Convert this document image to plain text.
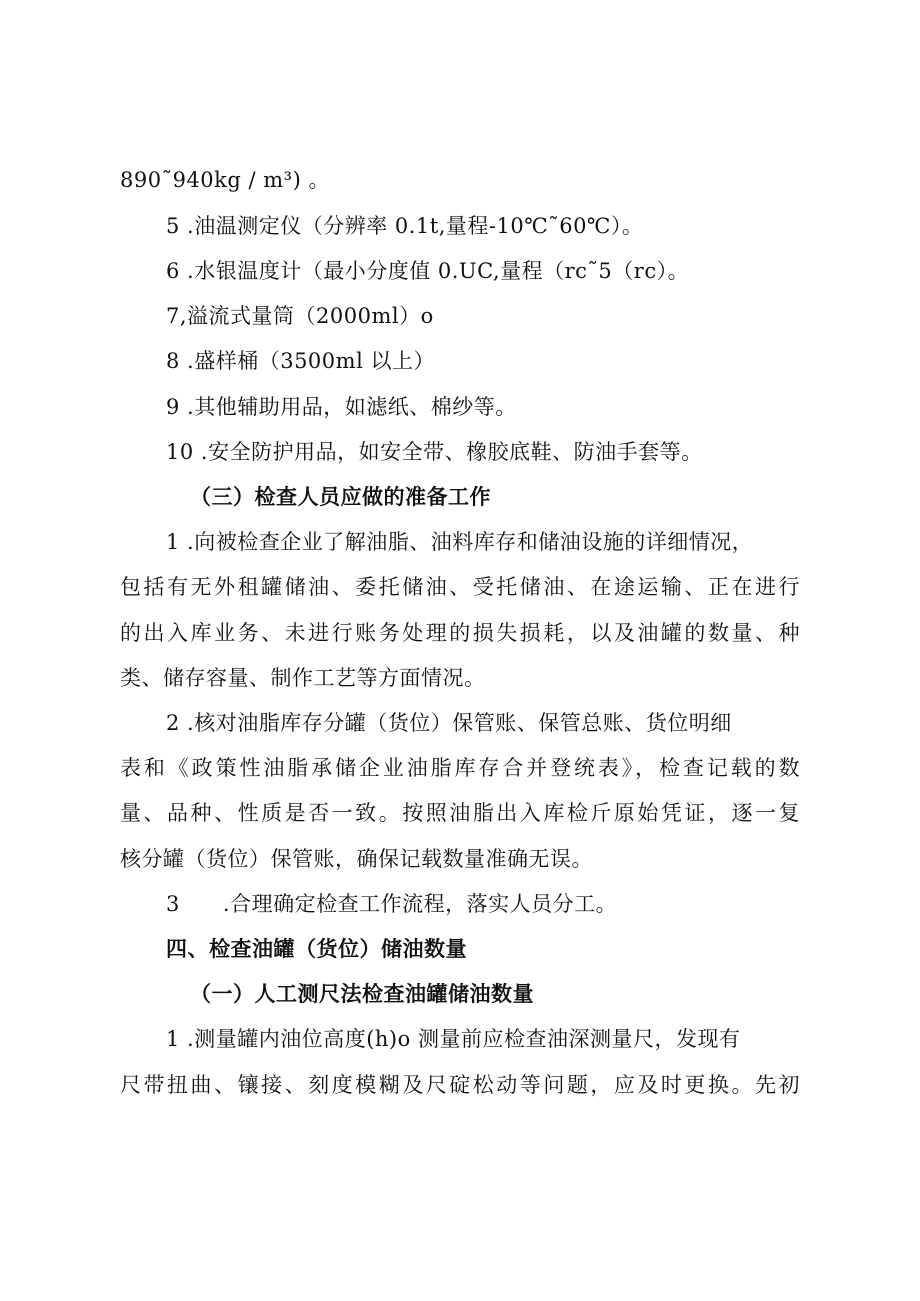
890˜940kg / m³) 。
5 .油温测定仪（分辨率 0.1t,量程-10℃˜60℃）。
6 .水银温度计（最小分度值 0.UC,量程（rc˜5（rc）。
7,溢流式量筒（2000ml）o
8 .盛样桶（3500ml 以上）
9 .其他辅助用品，如滤纸、棉纱等。
10 .安全防护用品，如安全带、橡胶底鞋、防油手套等。
（三）检查人员应做的准备工作
1 .向被检查企业了解油脂、油料库存和储油设施的详细情况，
包括有无外租罐储油、委托储油、受托储油、在途运输、正在进行
的出入库业务、未进行账务处理的损失损耗，以及油罐的数量、种
类、储存容量、制作工艺等方面情况。
2 .核对油脂库存分罐（货位）保管账、保管总账、货位明细
表和《政策性油脂承储企业油脂库存合并登统表》，检查记载的数
量、品种、性质是否一致。按照油脂出入库检斤原始凭证，逐一复
核分罐（货位）保管账，确保记载数量准确无误。
3      .合理确定检查工作流程，落实人员分工。
四、检查油罐（货位）储油数量
（一）人工测尺法检查油罐储油数量
1 .测量罐内油位高度(h)o 测量前应检查油深测量尺，发现有
尺带扭曲、镶接、刻度模糊及尺碇松动等问题，应及时更换。先初
